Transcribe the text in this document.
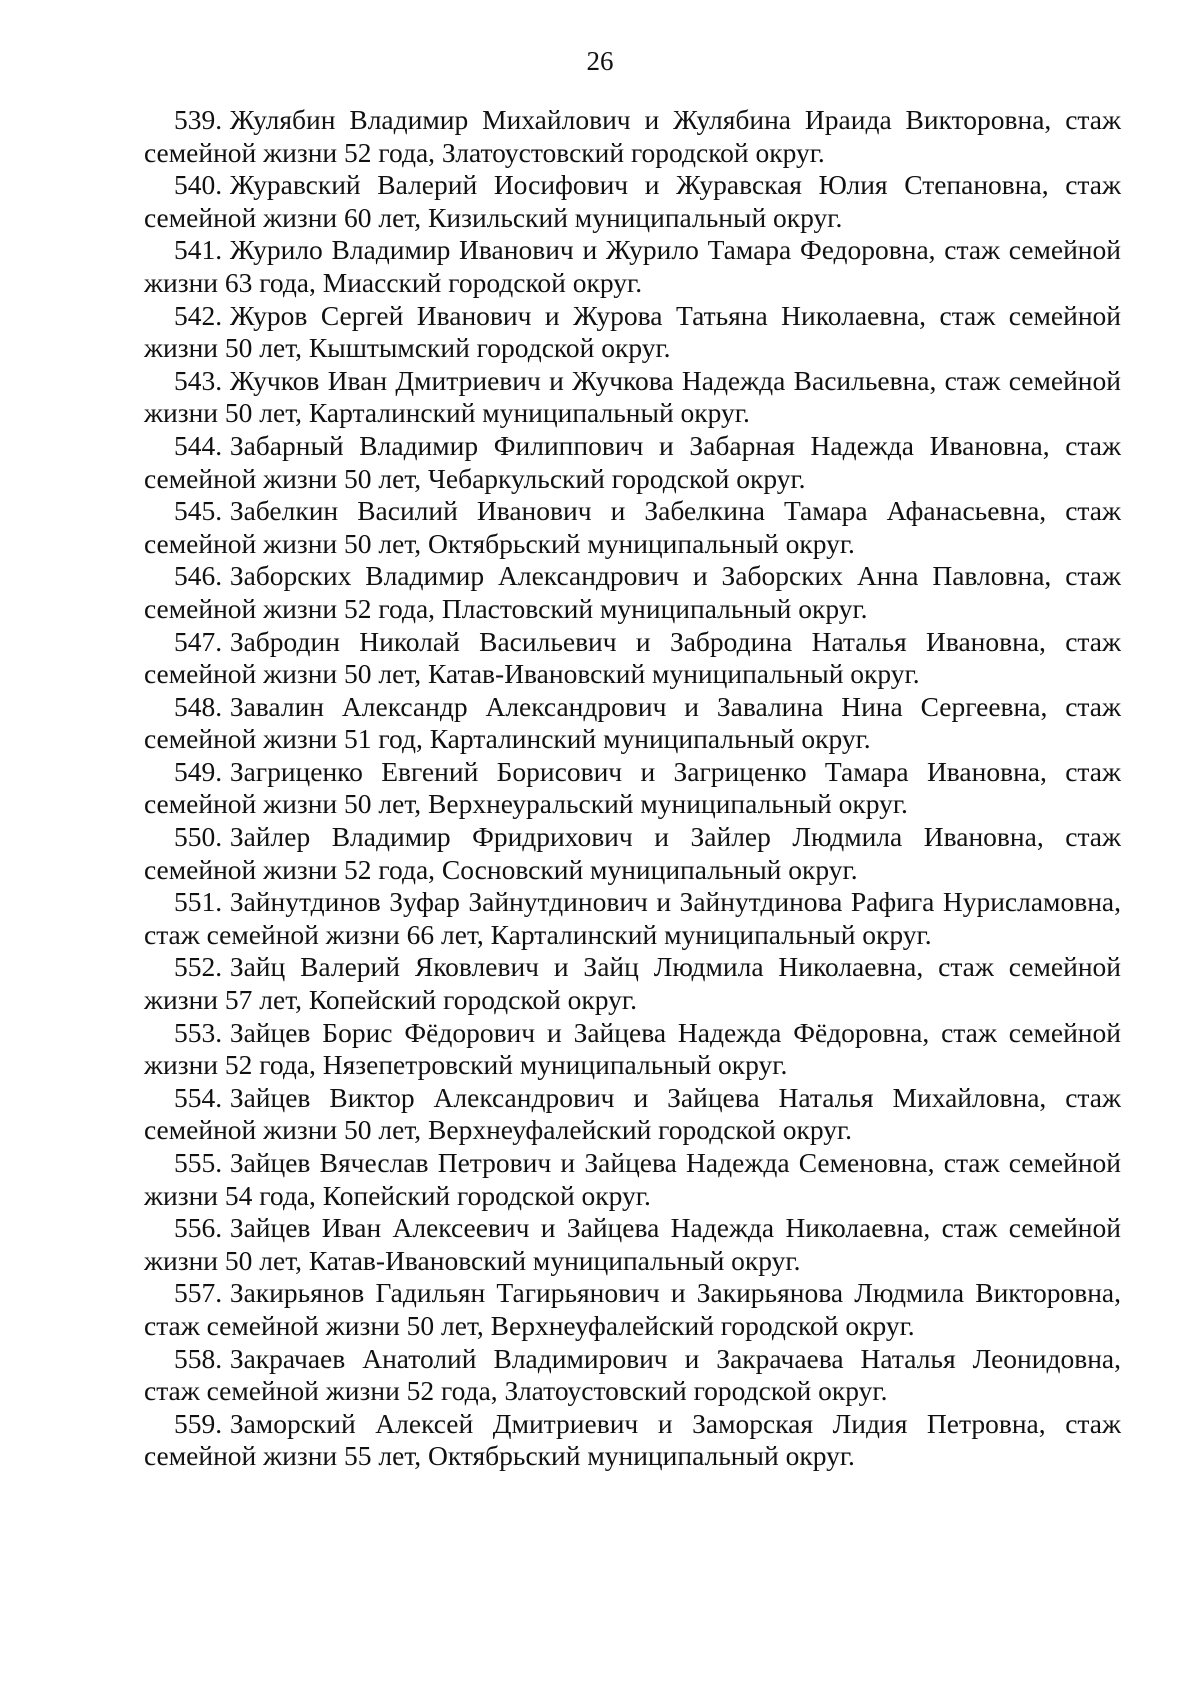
26

539. Жулябин Владимир Михайлович и Жулябина Ираида Викторовна, стаж семейной жизни 52 года, Златоустовский городской округ.

540. Журавский Валерий Иосифович и Журавская Юлия Степановна, стаж семейной жизни 60 лет, Кизильский муниципальный округ.

541. Журило Владимир Иванович и Журило Тамара Федоровна, стаж семейной жизни 63 года, Миасский городской округ.

542. Журов Сергей Иванович и Журова Татьяна Николаевна, стаж семейной жизни 50 лет, Кыштымский городской округ.

543. Жучков Иван Дмитриевич и Жучкова Надежда Васильевна, стаж семейной жизни 50 лет, Карталинский муниципальный округ.

544. Забарный Владимир Филиппович и Забарная Надежда Ивановна, стаж семейной жизни 50 лет, Чебаркульский городской округ.

545. Забелкин Василий Иванович и Забелкина Тамара Афанасьевна, стаж семейной жизни 50 лет, Октябрьский муниципальный округ.

546. Заборских Владимир Александрович и Заборских Анна Павловна, стаж семейной жизни 52 года, Пластовский муниципальный округ.

547. Забродин Николай Васильевич и Забродина Наталья Ивановна, стаж семейной жизни 50 лет, Катав-Ивановский муниципальный округ.

548. Завалин Александр Александрович и Завалина Нина Сергеевна, стаж семейной жизни 51 год, Карталинский муниципальный округ.

549. Загриценко Евгений Борисович и Загриценко Тамара Ивановна, стаж семейной жизни 50 лет, Верхнеуральский муниципальный округ.

550. Зайлер Владимир Фридрихович и Зайлер Людмила Ивановна, стаж семейной жизни 52 года, Сосновский муниципальный округ.

551. Зайнутдинов Зуфар Зайнутдинович и Зайнутдинова Рафига Нурисламовна, стаж семейной жизни 66 лет, Карталинский муниципальный округ.

552. Зайц Валерий Яковлевич и Зайц Людмила Николаевна, стаж семейной жизни 57 лет, Копейский городской округ.

553. Зайцев Борис Фёдорович и Зайцева Надежда Фёдоровна, стаж семейной жизни 52 года, Нязепетровский муниципальный округ.

554. Зайцев Виктор Александрович и Зайцева Наталья Михайловна, стаж семейной жизни 50 лет, Верхнеуфалейский городской округ.

555. Зайцев Вячеслав Петрович и Зайцева Надежда Семеновна, стаж семейной жизни 54 года, Копейский городской округ.

556. Зайцев Иван Алексеевич и Зайцева Надежда Николаевна, стаж семейной жизни 50 лет, Катав-Ивановский муниципальный округ.

557. Закирьянов Гадильян Тагирьянович и Закирьянова Людмила Викторовна, стаж семейной жизни 50 лет, Верхнеуфалейский городской округ.

558. Закрачаев Анатолий Владимирович и Закрачаева Наталья Леонидовна, стаж семейной жизни 52 года, Златоустовский городской округ.

559. Заморский Алексей Дмитриевич и Заморская Лидия Петровна, стаж семейной жизни 55 лет, Октябрьский муниципальный округ.
